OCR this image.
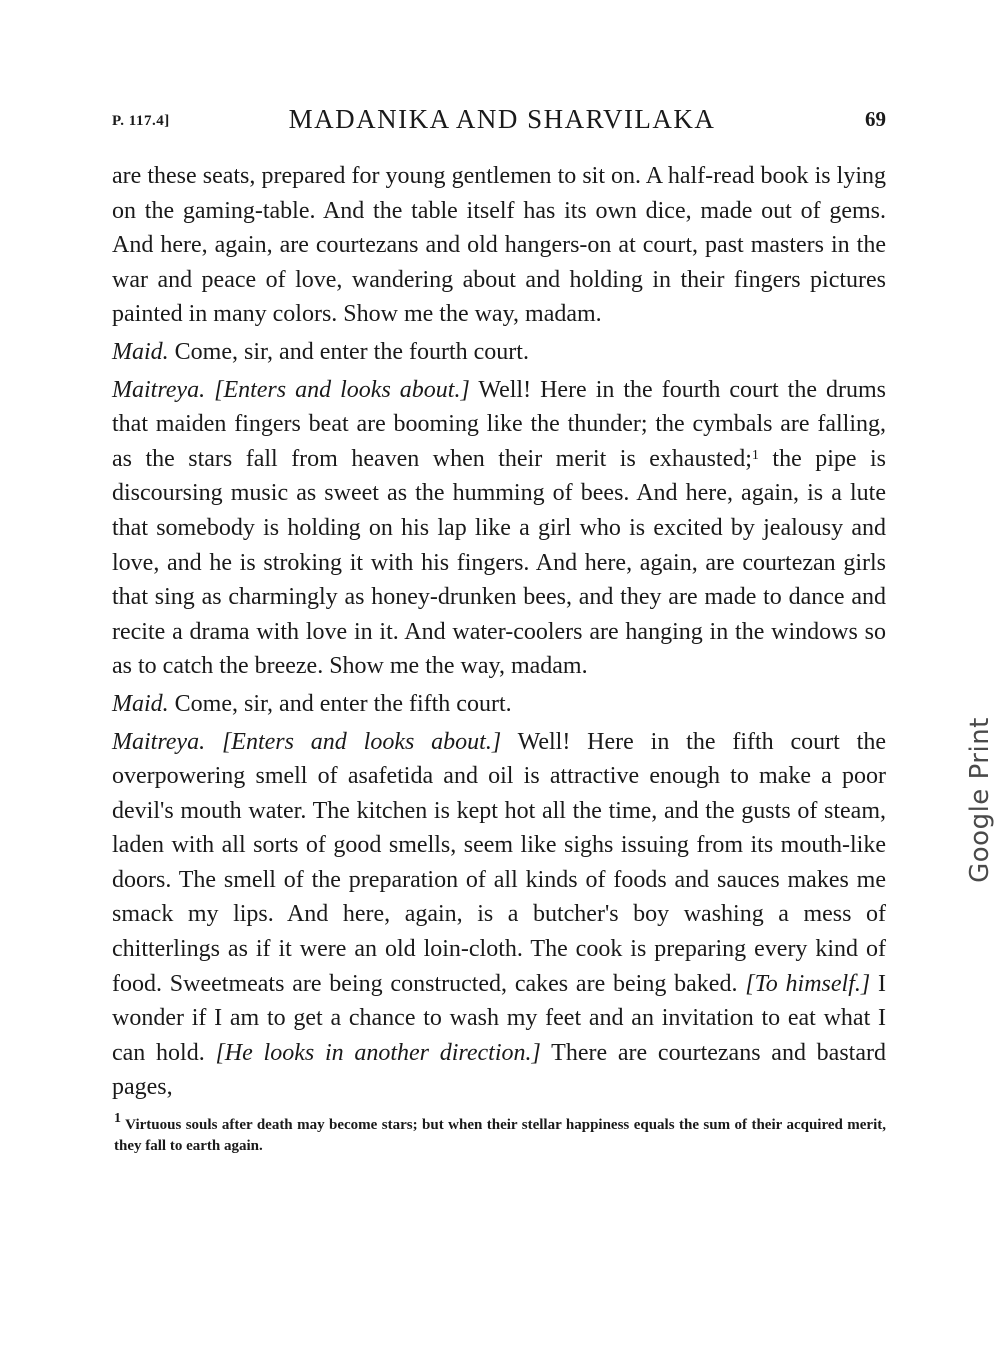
P. 117.4]	MADANIKA AND SHARVILAKA	69

are these seats, prepared for young gentlemen to sit on. A half-read book is lying on the gaming-table. And the table itself has its own dice, made out of gems. And here, again, are courtezans and old hangers-on at court, past masters in the war and peace of love, wandering about and holding in their fingers pictures painted in many colors. Show me the way, madam.

Maid. Come, sir, and enter the fourth court.

Maitreya. [Enters and looks about.] Well! Here in the fourth court the drums that maiden fingers beat are booming like the thunder; the cymbals are falling, as the stars fall from heaven when their merit is exhausted;$^1$ the pipe is discoursing music as sweet as the humming of bees. And here, again, is a lute that somebody is holding on his lap like a girl who is excited by jealousy and love, and he is stroking it with his fingers. And here, again, are courtezan girls that sing as charmingly as honey-drunken bees, and they are made to dance and recite a drama with love in it. And water-coolers are hanging in the windows so as to catch the breeze. Show me the way, madam.

Maid. Come, sir, and enter the fifth court.

Maitreya. [Enters and looks about.] Well! Here in the fifth court the overpowering smell of asafetida and oil is attractive enough to make a poor devil's mouth water. The kitchen is kept hot all the time, and the gusts of steam, laden with all sorts of good smells, seem like sighs issuing from its mouth-like doors. The smell of the preparation of all kinds of foods and sauces makes me smack my lips. And here, again, is a butcher's boy washing a mess of chitterlings as if it were an old loin-cloth. The cook is preparing every kind of food. Sweetmeats are being constructed, cakes are being baked. [To himself.] I wonder if I am to get a chance to wash my feet and an invitation to eat what I can hold. [He looks in another direction.] There are courtezans and bastard pages,

$^1$ Virtuous souls after death may become stars; but when their stellar happiness equals the sum of their acquired merit, they fall to earth again.
Google Print
